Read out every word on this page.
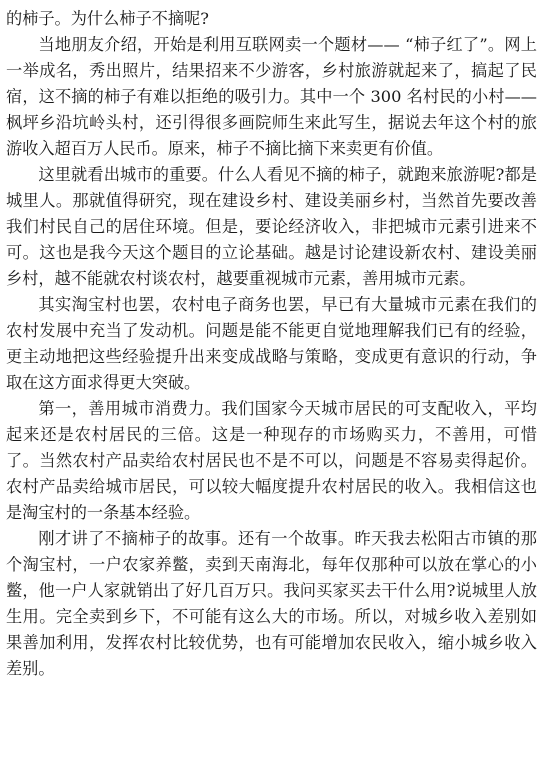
的柿子。为什么柿子不摘呢?

当地朋友介绍，开始是利用互联网卖一个题材—— “柿子红了”。网上一举成名，秀出照片，结果招来不少游客，乡村旅游就起来了，搞起了民宿，这不摘的柿子有难以拒绝的吸引力。其中一个 300 名村民的小村——枫坪乡沿坑岭头村，还引得很多画院师生来此写生，据说去年这个村的旅游收入超百万人民币。原来，柿子不摘比摘下来卖更有价值。

这里就看出城市的重要。什么人看见不摘的柿子，就跑来旅游呢?都是城里人。那就值得研究，现在建设乡村、建设美丽乡村，当然首先要改善我们村民自己的居住环境。但是，要论经济收入，非把城市元素引进来不可。这也是我今天这个题目的立论基础。越是讨论建设新农村、建设美丽乡村，越不能就农村谈农村，越要重视城市元素，善用城市元素。

其实淘宝村也罢，农村电子商务也罢，早已有大量城市元素在我们的农村发展中充当了发动机。问题是能不能更自觉地理解我们已有的经验，更主动地把这些经验提升出来变成战略与策略，变成更有意识的行动，争取在这方面求得更大突破。

第一，善用城市消费力。我们国家今天城市居民的可支配收入，平均起来还是农村居民的三倍。这是一种现存的市场购买力，不善用，可惜了。当然农村产品卖给农村居民也不是不可以，问题是不容易卖得起价。农村产品卖给城市居民，可以较大幅度提升农村居民的收入。我相信这也是淘宝村的一条基本经验。

刚才讲了不摘柿子的故事。还有一个故事。昨天我去松阳古市镇的那个淘宝村，一户农家养鳖，卖到天南海北，每年仅那种可以放在掌心的小鳖，他一户人家就销出了好几百万只。我问买家买去干什么用?说城里人放生用。完全卖到乡下，不可能有这么大的市场。所以，对城乡收入差别如果善加利用，发挥农村比较优势，也有可能增加农民收入，缩小城乡收入差别。
